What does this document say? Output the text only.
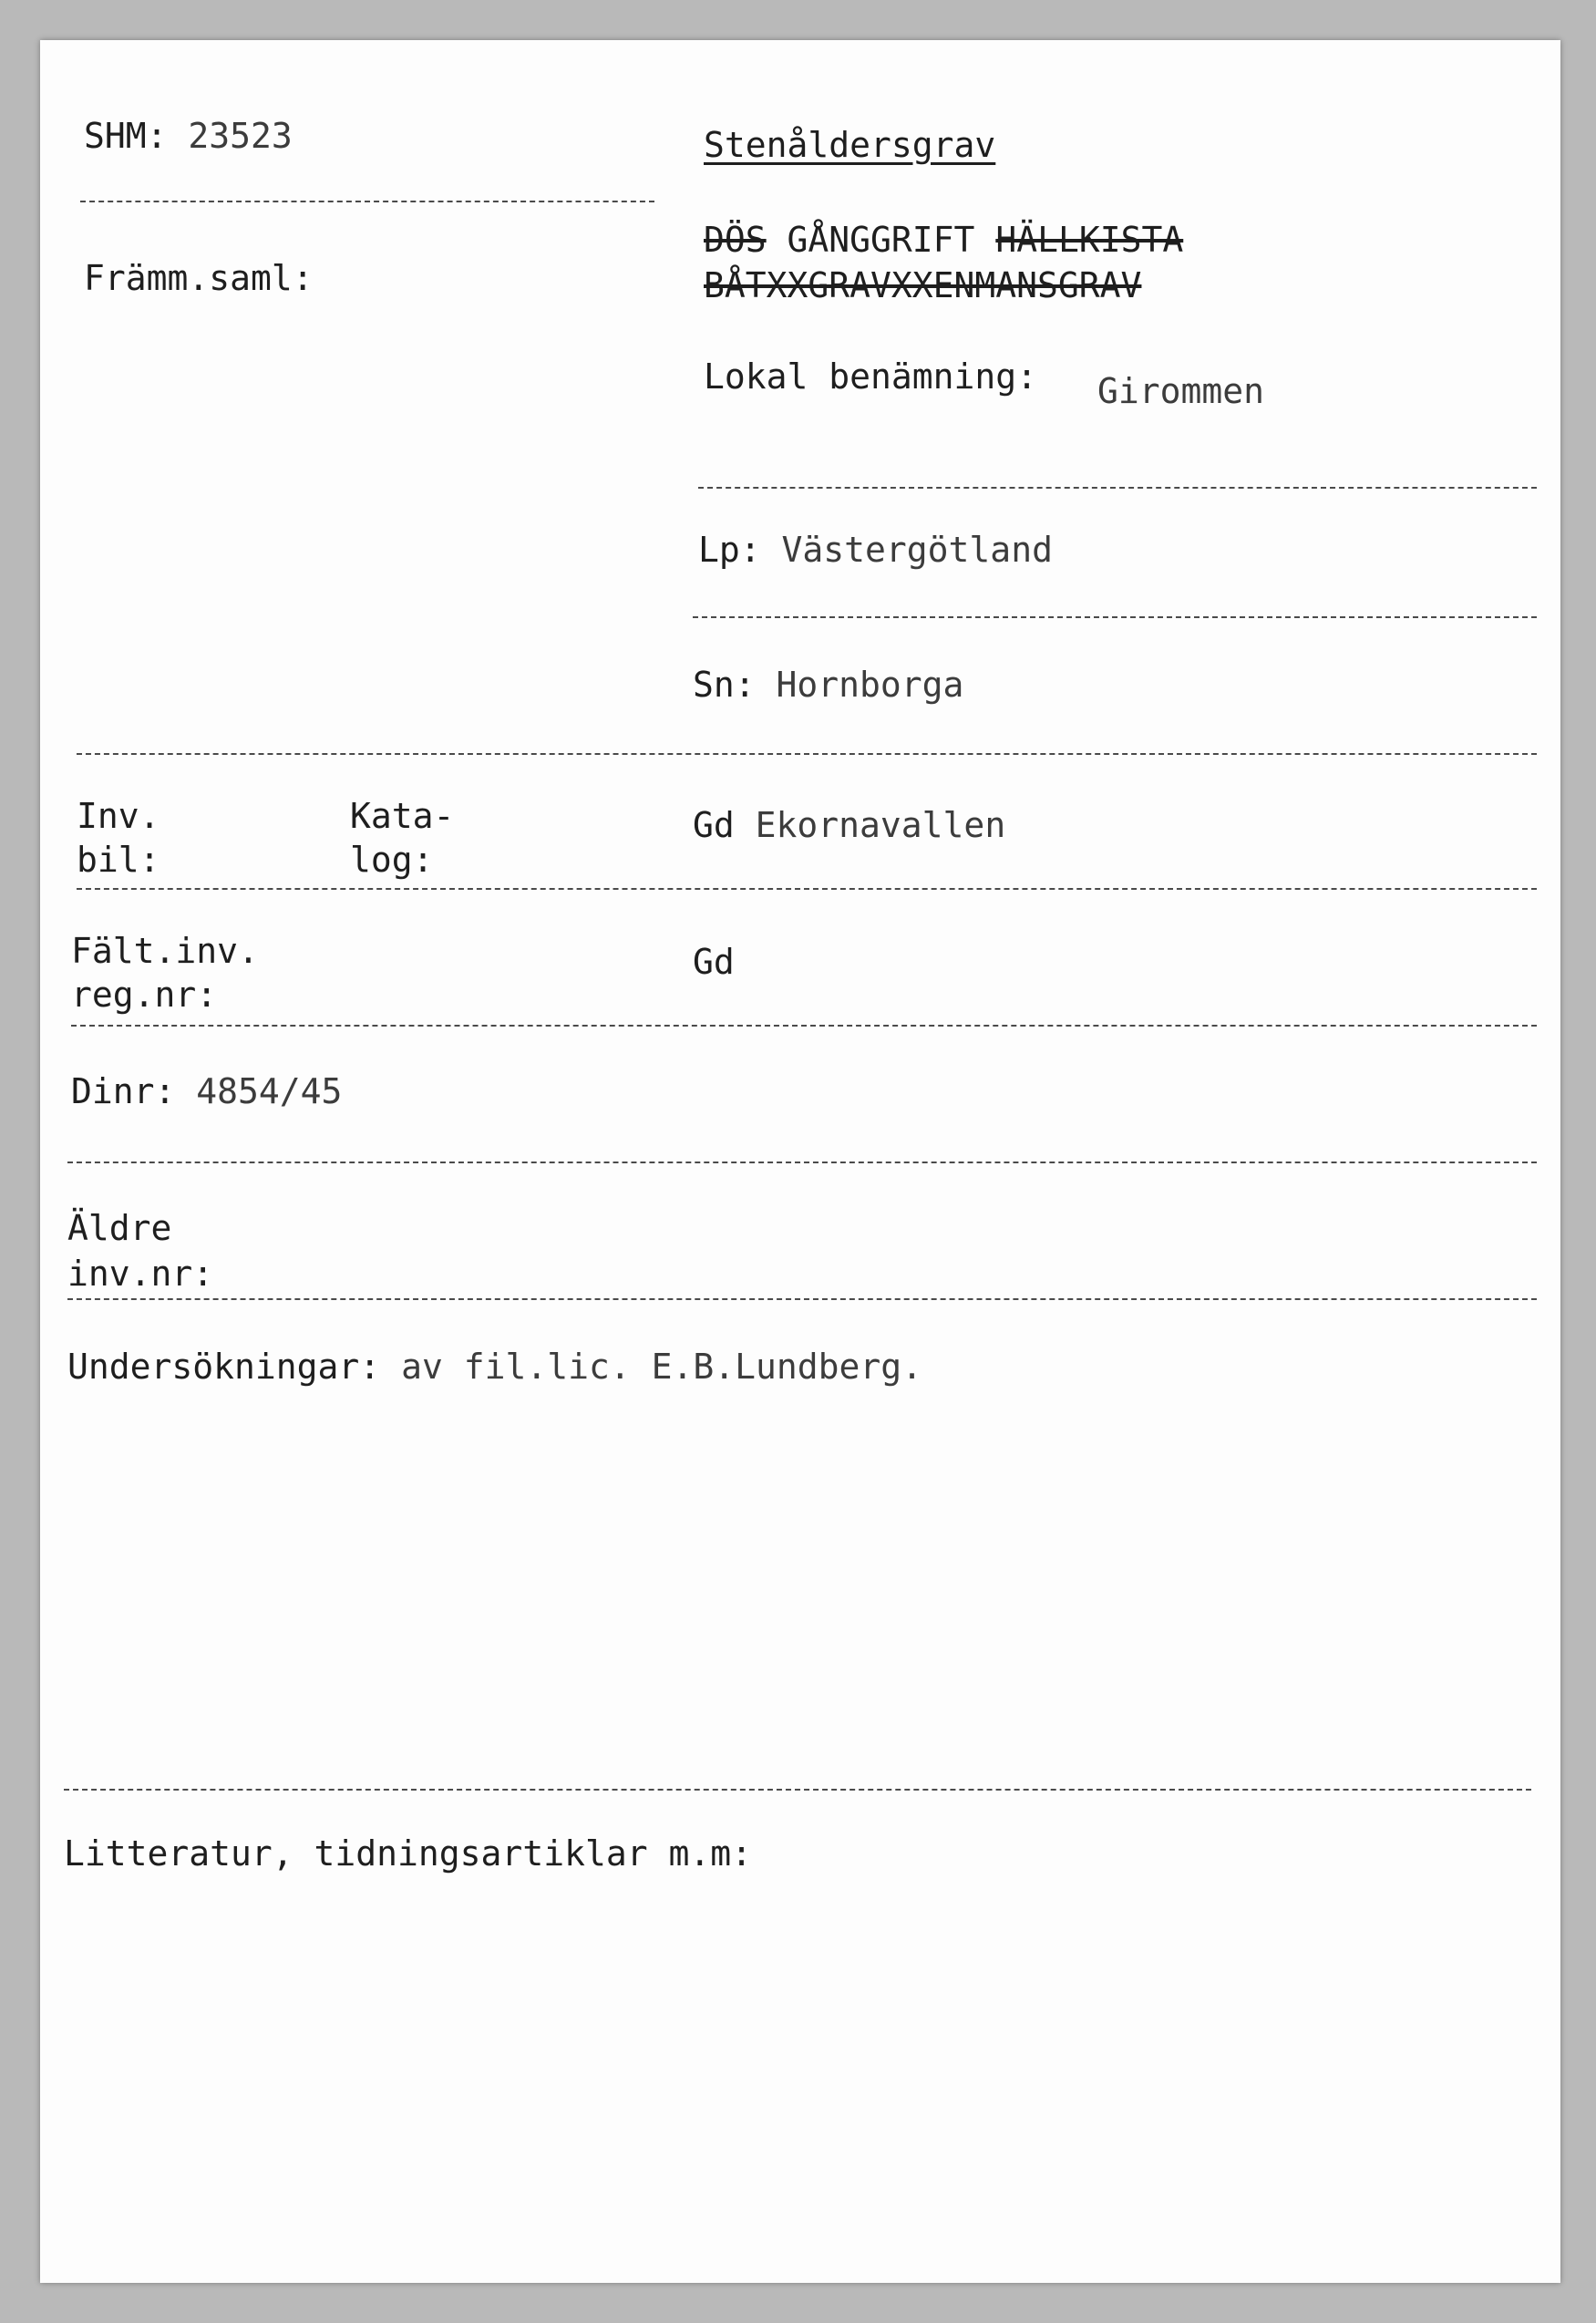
SHM: 23523
Främm.saml:
Stenåldersgrav
DÖS GÅNGGRIFT HÄLLKISTA
BÅTXXGRAVXXENMANSGRAV
Lokal benämning: Girommen
Lp: Västergötland
Sn: Hornborga
Inv.
bil:
Kata-
log:
Gd Ekornavallen
Fält.inv.
reg.nr:
Gd
Dinr: 4854/45
Äldre
inv.nr:
Undersökningar: av fil.lic. E.B.Lundberg.
Litteratur, tidningsartiklar m.m:
